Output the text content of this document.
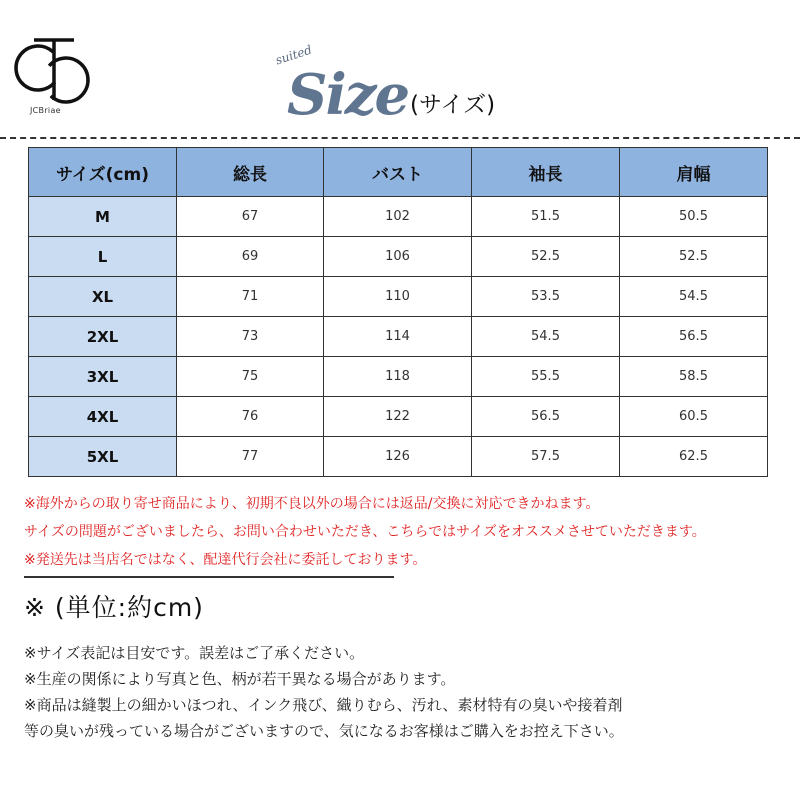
JCBriae
suited
Size (サイズ)
サイズ(cm)	総長	バスト	袖長	肩幅
M	67	102	51.5	50.5
L	69	106	52.5	52.5
XL	71	110	53.5	54.5
2XL	73	114	54.5	56.5
3XL	75	118	55.5	58.5
4XL	76	122	56.5	60.5
5XL	77	126	57.5	62.5
※海外からの取り寄せ商品により、初期不良以外の場合には返品/交換に対応できかねます。
サイズの問題がございましたら、お問い合わせいただき、こちらではサイズをオススメさせていただきます。
※発送先は当店名ではなく、配達代行会社に委託しております。
※ (単位:約cm)
※サイズ表記は目安です。誤差はご了承ください。
※生産の関係により写真と色、柄が若干異なる場合があります。
※商品は縫製上の細かいほつれ、インク飛び、織りむら、汚れ、素材特有の臭いや接着剤
等の臭いが残っている場合がございますので、気になるお客様はご購入をお控え下さい。
